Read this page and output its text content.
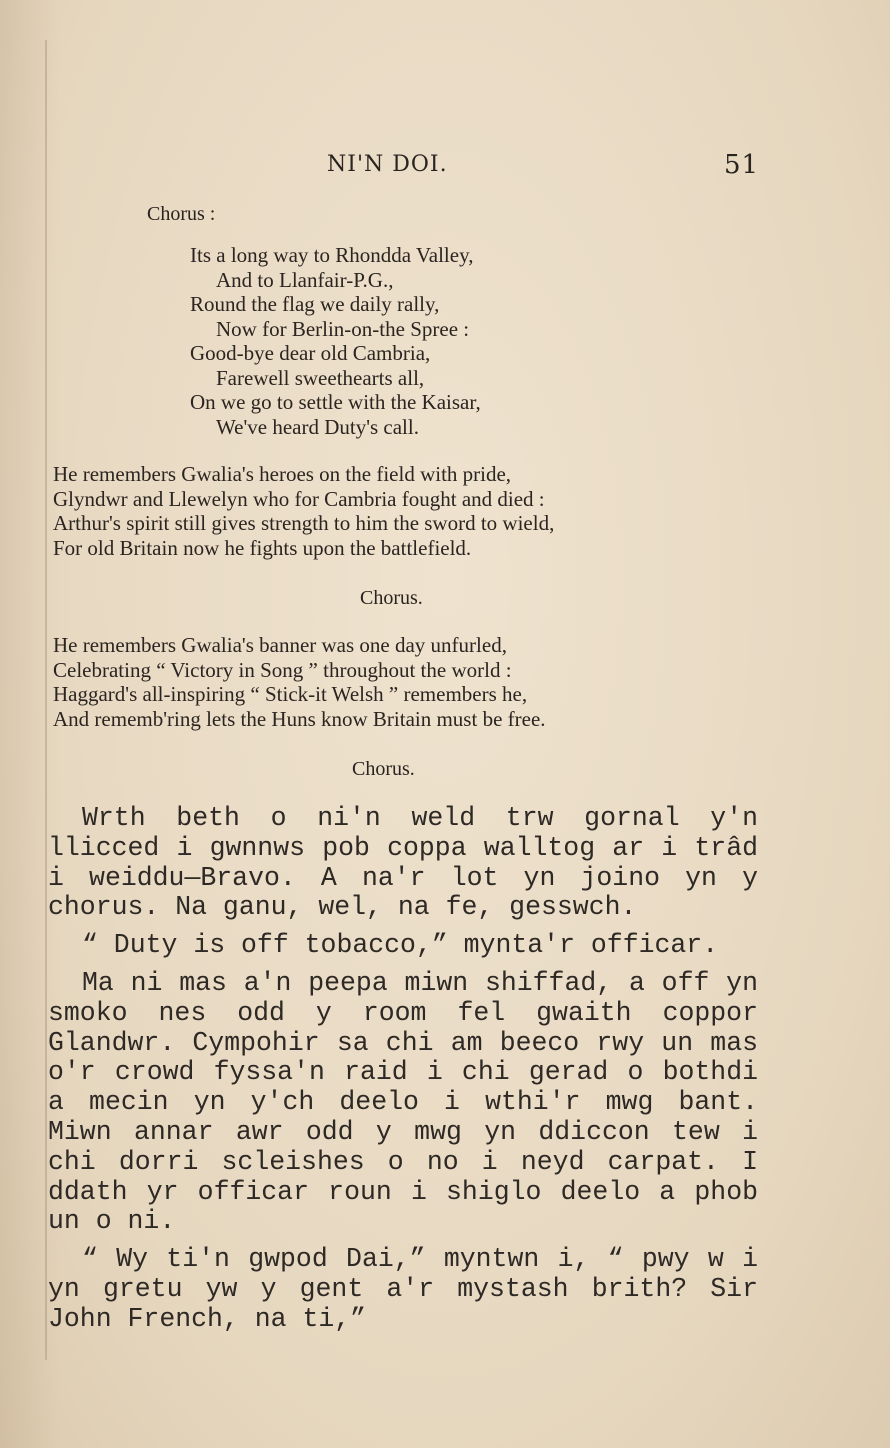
NI'N DOI.	51
Chorus :
Its a long way to Rhondda Valley,
And to Llanfair-P.G.,
Round the flag we daily rally,
Now for Berlin-on-the Spree :
Good-bye dear old Cambria,
Farewell sweethearts all,
On we go to settle with the Kaisar,
We've heard Duty's call.
He remembers Gwalia's heroes on the field with pride,
Glyndwr and Llewelyn who for Cambria fought and died :
Arthur's spirit still gives strength to him the sword to wield,
For old Britain now he fights upon the battlefield.
Chorus.
He remembers Gwalia's banner was one day unfurled,
Celebrating “ Victory in Song ” throughout the world :
Haggard's all-inspiring “ Stick-it Welsh ” remembers he,
And rememb'ring lets the Huns know Britain must be free.
Chorus.

Wrth beth o ni'n weld trw gornal y'n llicced i gwnnws pob coppa walltog ar i trâd i weiddu—Bravo. A na'r lot yn joino yn y chorus. Na ganu, wel, na fe, gesswch.

“ Duty is off tobacco,” mynta'r officar.

Ma ni mas a'n peepa miwn shiffad, a off yn smoko nes odd y room fel gwaith coppor Glandwr. Cympohir sa chi am beeco rwy un mas o'r crowd fyssa'n raid i chi gerad o bothdi a mecin yn y'ch deelo i wthi'r mwg bant. Miwn annar awr odd y mwg yn ddiccon tew i chi dorri scleishes o no i neyd carpat. I ddath yr officar roun i shiglo deelo a phob un o ni.

“ Wy ti'n gwpod Dai,” myntwn i, “ pwy w i yn gretu yw y gent a'r mystash brith? Sir John French, na ti,”
